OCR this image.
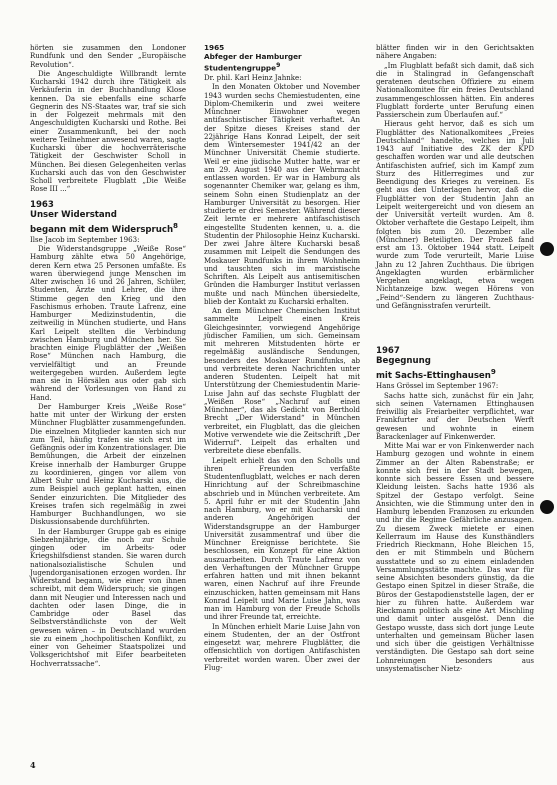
hörten sie zusammen den Londoner Rundfunk und den Sender „Europäische Revolution“.

Die Angeschuldigte Willbrandt lernte Kucharski 1942 durch ihre Tätigkeit als Verkäuferin in der Buchhandlung Klose kennen. Da sie ebenfalls eine scharfe Gegnerin des NS-Staates war, traf sie sich in der Folgezeit mehrmals mit den Angeschuldigten Kucharski und Rothe. Bei einer Zusammenkunft, bei der noch weitere Teilnehmer anwesend waren, sagte Kucharski über die hochverräterische Tätigkeit der Geschwister Scholl in München. Bei diesen Gelegenheiten verlas Kucharski auch das von den Geschwister Scholl verbreitete Flugblatt „Die Weiße Rose III ...“

1963

Unser Widerstand

begann mit dem Widerspruch$^8$

Ilse Jacob im September 1963:

Die Widerstandsgruppe „Weiße Rose“ Hamburg zählte etwa 50 Angehörige, deren Kern etwa 25 Personen umfaßte. Es waren überwiegend junge Menschen im Alter zwischen 16 und 26 Jahren, Schüler, Studenten, Ärzte und Lehrer, die ihre Stimme gegen den Krieg und den Faschismus erhoben. Traute Lafrenz, eine Hamburger Medizinstudentin, die zeitweilig in München studierte, und Hans Karl Leipelt stellten die Verbindung zwischen Hamburg und München her. Sie brachten einige Flugblätter der „Weißen Rose“ München nach Hamburg, die vervielfältigt und an Freunde weitergegeben wurden. Außerdem legte man sie in Hörsälen aus oder gab sich während der Vorlesungen von Hand zu Hand.

Der Hamburger Kreis „Weiße Rose“ hatte mit unter der Wirkung der ersten Münchner Flugblätter zusammengefunden. Die einzelnen Mitglieder kannten sich nur zum Teil, häufig trafen sie sich erst im Gefängnis oder im Konzentrationslager. Die Bemühungen, die Arbeit der einzelnen Kreise innerhalb der Hamburger Gruppe zu koordinieren, gingen vor allem von Albert Suhr und Heinz Kucharski aus, die zum Beispiel auch geplant hatten, einen Sender einzurichten. Die Mitglieder des Kreises trafen sich regelmäßig in zwei Hamburger Buchhandlungen, wo sie Diskussionsabende durchführten.

In der Hamburger Gruppe gab es einige Siebzehnjährige, die noch zur Schule gingen oder im Arbeits- oder Kriegshilfsdienst standen. Sie waren durch nationalsozialistische Schulen und Jugendorganisationen erzogen worden. Ihr Widerstand begann, wie einer von ihnen schreibt, mit dem Widerspruch; sie gingen dann mit Neugier und Interessen nach und dachten oder lasen Dinge, die in Cambridge oder Basel das Selbstverständlichste von der Welt gewesen wären – in Deutschland wurden sie zu einem „hochpolitischen Konflikt, zu einer von Geheimer Staatspolizei und Volksgerichtshof mit Eifer bearbeiteten Hochverratssache“.

1965

Abfeger der Hamburger

Studentengruppe$^9$

Dr. phil. Karl Heinz Jahnke:

In den Monaten Oktober und November 1943 wurden sechs Chemiestudenten, eine Diplom-Chemikerin und zwei weitere Münchner Einwohner wegen antifaschistischer Tätigkeit verhaftet. An der Spitze dieses Kreises stand der 22jährige Hans Konrad Leipelt, der seit dem Wintersemester 1941/42 an der Münchner Universität Chemie studierte. Weil er eine jüdische Mutter hatte, war er am 29. August 1940 aus der Wehrmacht entlassen worden. Er war in Hamburg als sogenannter Chemiker war, gelang es ihm, seinem Sohn einen Studienplatz an der Hamburger Universität zu besorgen. Hier studierte er drei Semester. Während dieser Zeit lernte er mehrere antifaschistisch eingestellte Studenten kennen, u. a. die Studentin der Philosophie Heinz Kucharski. Der zwei Jahre ältere Kucharski besaß zusammen mit Leipelt die Sendungen des Moskauer Rundfunks in ihrem Wohnheim und tauschten sich im marxistische Schriften. Als Leipelt aus antisemitischen Gründen die Hamburger Institut verlassen mußte und nach München übersiedelte, blieb der Kontakt zu Kucharski erhalten.

An dem Münchner Chemischen Institut sammelte Leipelt einen Kreis Gleichgesinnter, vorwiegend Angehörige jüdischer Familien, um sich. Gemeinsam mit mehreren Mitstudenten hörte er regelmäßig ausländische Sendungen, besonders des Moskauer Rundfunks, ab und verbreitete deren Nachrichten unter anderen Studenten. Leipelt hat mit Unterstützung der Chemiestudentin Marie-Luise Jahn auf das sechste Flugblatt der „Weißen Rose“ „Nachruf auf einen Münchner“, das als Gedicht von Berthold Brecht „Der Widerstand“ in München verbreitet, ein Flugblatt, das die gleichen Motive verwendete wie die Zeitschrift „Der Widerruf“. Leipelt das erhalten und verbreitete diese ebenfalls.

Leipelt erhielt das von den Scholls und ihren Freunden verfaßte Studentenflugblatt, welches er nach deren Hinrichtung auf der Schreibmaschine abschrieb und in München verbreitete. Am 5. April fuhr er mit der Studentin Jahn nach Hamburg, wo er mit Kucharski und anderen Angehörigen der Widerstandsgruppe an der Hamburger Universität zusammentraf und über die Münchner Ereignisse berichtete. Sie beschlossen, ein Konzept für eine Aktion auszuarbeiten. Durch Traute Lafrenz von den Verhaftungen der Münchner Gruppe erfahren hatten und mit ihnen bekannt waren, einen Nachruf auf ihre Freunde einzuschicken, hatten gemeinsam mit Hans Konrad Leipelt und Marie Luise Jahn, was man im Hamburg von der Freude Scholls und ihrer Freunde tat, erreichte.

In München erhielt Marie Luise Jahn von einem Studenten, der an der Ostfront eingesetzt war, mehrere Flugblätter, die offensichtlich von dortigen Antifaschisten verbreitet worden waren. Über zwei der Flug-

blätter finden wir in den Gerichtsakten nähere Angaben:

„Im Flugblatt befaßt sich damit, daß sich die in Stalingrad in Gefangenschaft geratenen deutschen Offiziere zu einem Nationalkomitee für ein freies Deutschland zusammengeschlossen hätten. Ein anderes Flugblatt forderte unter Berufung einen Passierschein zum Überlaufen auf.“

Hieraus geht hervor, daß es sich um Flugblätter des Nationalkomitees „Freies Deutschland“ handelte, welches im Juli 1943 auf Initiative des ZK der KPD geschaffen worden war und alle deutschen Antifaschisten aufrief, sich im Kampf zum Sturz des Hitlerregimes und zur Beendigung des Krieges zu vereinen. Es geht aus den Unterlagen hervor, daß die Flugblätter von der Studentin Jahn an Leipelt weitergereicht und von diesem an der Universität verteilt wurden. Am 8. Oktober verhaftete die Gestapo Leipelt, ihm folgten bis zum 20. Dezember alle (Münchner) Beteiligten. Der Prozeß fand erst am 13. Oktober 1944 statt. Leipelt wurde zum Tode verurteilt, Marie Luise Jahn zu 12 Jahren Zuchthaus. Die übrigen Angeklagten wurden erbärmlicher Vergehen angeklagt, etwa wegen Nichtanzeige bzw. wegen Hörens von „Feind“-Sendern zu längeren Zuchthaus- und Gefängnisstrafen verurteilt.

1967

Begegnung

mit Sachs-Ettinghausen$^9$

Hans Grössel im September 1967:

Sachs hatte sich, zunächst für ein Jahr, sich seinen Vaternamen Ettinghausen freiwillig als Freiarbeiter verpflichtet, war Frankfurter auf der Deutschen Werft gewesen und wohnte in einem Barackenlager auf Finkenwerder.

Mitte Mai war er von Finkenwerder nach Hamburg gezogen und wohnte in einem Zimmer an der Alten Rabenstraße; er konnte sich frei in der Stadt bewegen, konnte sich bessere Essen und bessere Kleidung leisten. Sachs hatte 1936 als Spitzel der Gestapo verfolgt. Seine Ansichten, wie die Stimmung unter den in Hamburg lebenden Franzosen zu erkunden und ihr die Regime Gefährliche anzusagen. Zu diesem Zweck mietete er einen Kellerraum im Hause des Kunsthändlers Friedrich Rieckmann, Hohe Bleichen 15, den er mit Stimmbeln und Büchern ausstattete und so zu einem einladenden Versammlungsstätte machte. Das war für seine Absichten besonders günstig, da die Gestapo einen Spitzel in dieser Straße, die Büros der Gestapodienststelle lagen, der er hier zu führen hatte. Außerdem war Rieckmann politisch als eine Art Mischling und damit unter ausgelöst. Denn die Gestapo wusste, dass sich dort junge Leute unterhalten und gemeinsam Bücher lasen und sich über die geistigen Verhältnisse verständigten. Die Gestapo sah dort seine Lohnreiungen besonders aus unsystematischer Nietz-

4
